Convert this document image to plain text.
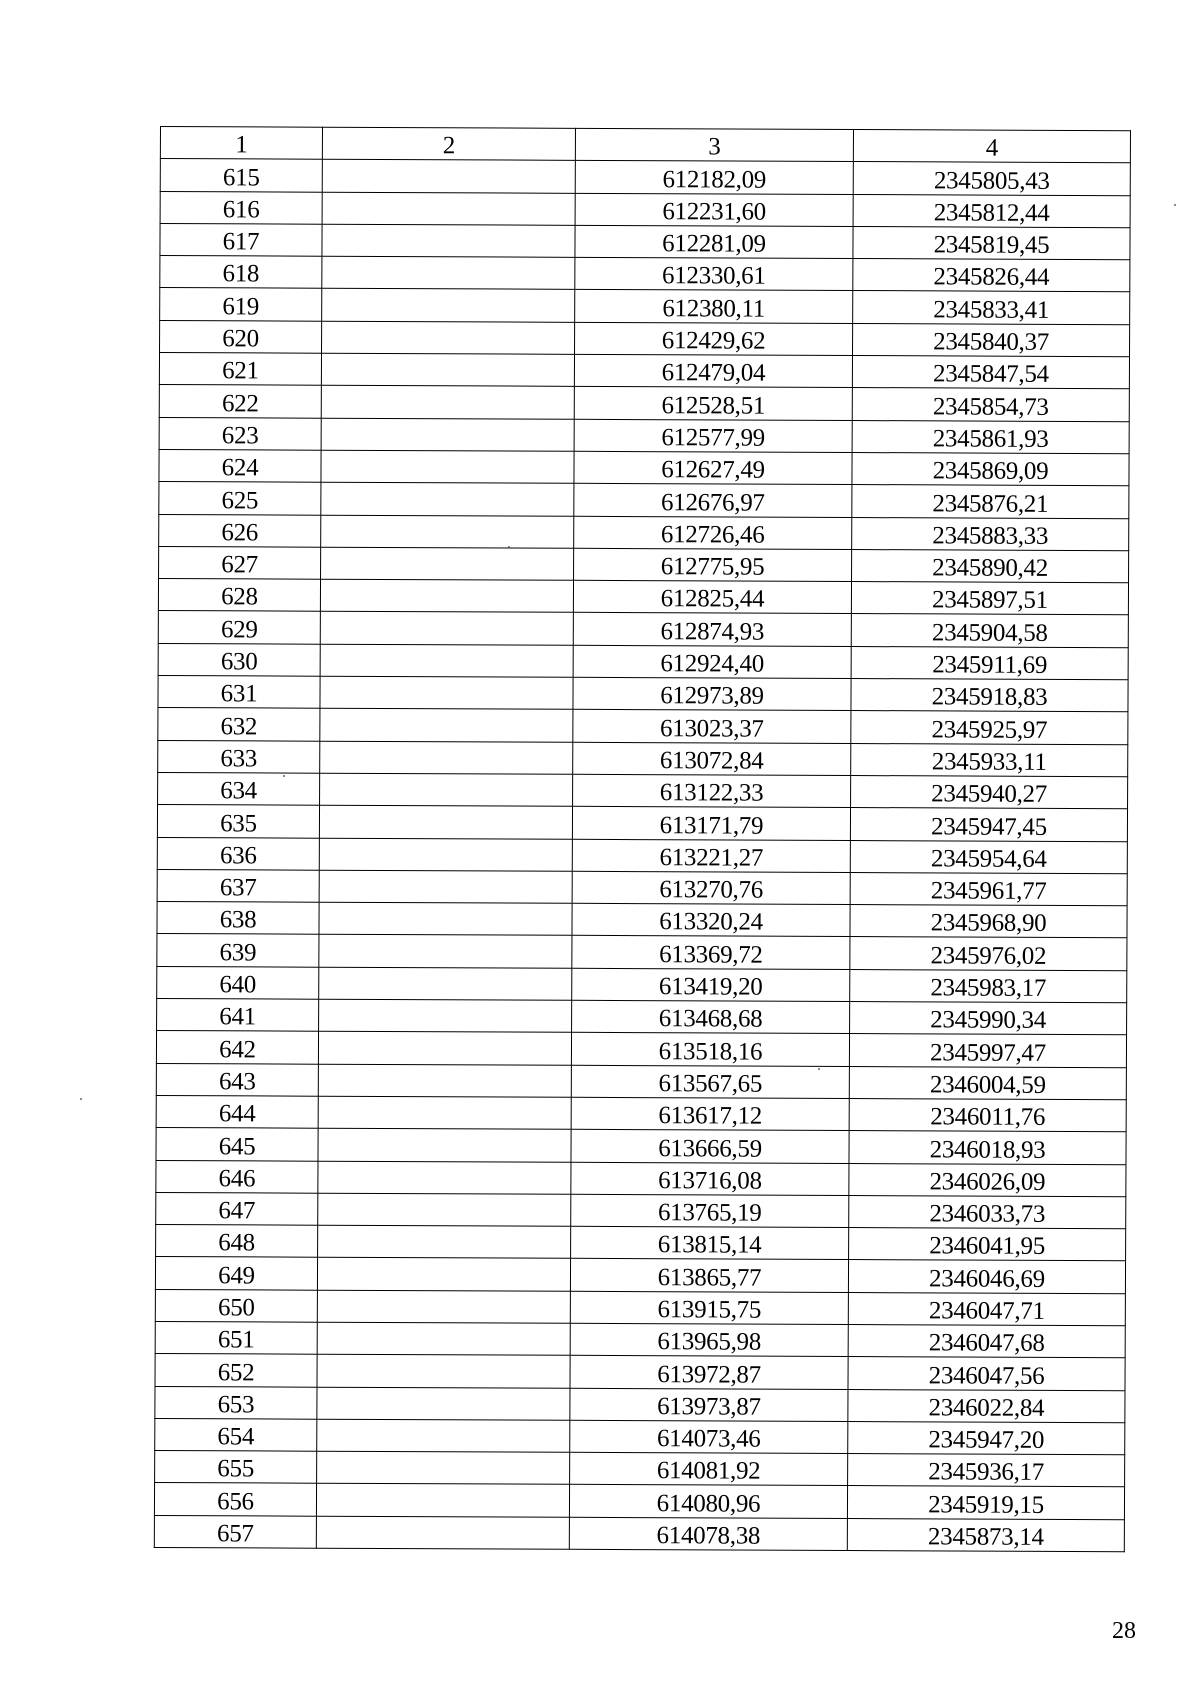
1	2	3	4
615		612182,09	2345805,43
616		612231,60	2345812,44
617		612281,09	2345819,45
618		612330,61	2345826,44
619		612380,11	2345833,41
620		612429,62	2345840,37
621		612479,04	2345847,54
622		612528,51	2345854,73
623		612577,99	2345861,93
624		612627,49	2345869,09
625		612676,97	2345876,21
626		612726,46	2345883,33
627		612775,95	2345890,42
628		612825,44	2345897,51
629		612874,93	2345904,58
630		612924,40	2345911,69
631		612973,89	2345918,83
632		613023,37	2345925,97
633		613072,84	2345933,11
634		613122,33	2345940,27
635		613171,79	2345947,45
636		613221,27	2345954,64
637		613270,76	2345961,77
638		613320,24	2345968,90
639		613369,72	2345976,02
640		613419,20	2345983,17
641		613468,68	2345990,34
642		613518,16	2345997,47
643		613567,65	2346004,59
644		613617,12	2346011,76
645		613666,59	2346018,93
646		613716,08	2346026,09
647		613765,19	2346033,73
648		613815,14	2346041,95
649		613865,77	2346046,69
650		613915,75	2346047,71
651		613965,98	2346047,68
652		613972,87	2346047,56
653		613973,87	2346022,84
654		614073,46	2345947,20
655		614081,92	2345936,17
656		614080,96	2345919,15
657		614078,38	2345873,14
28
